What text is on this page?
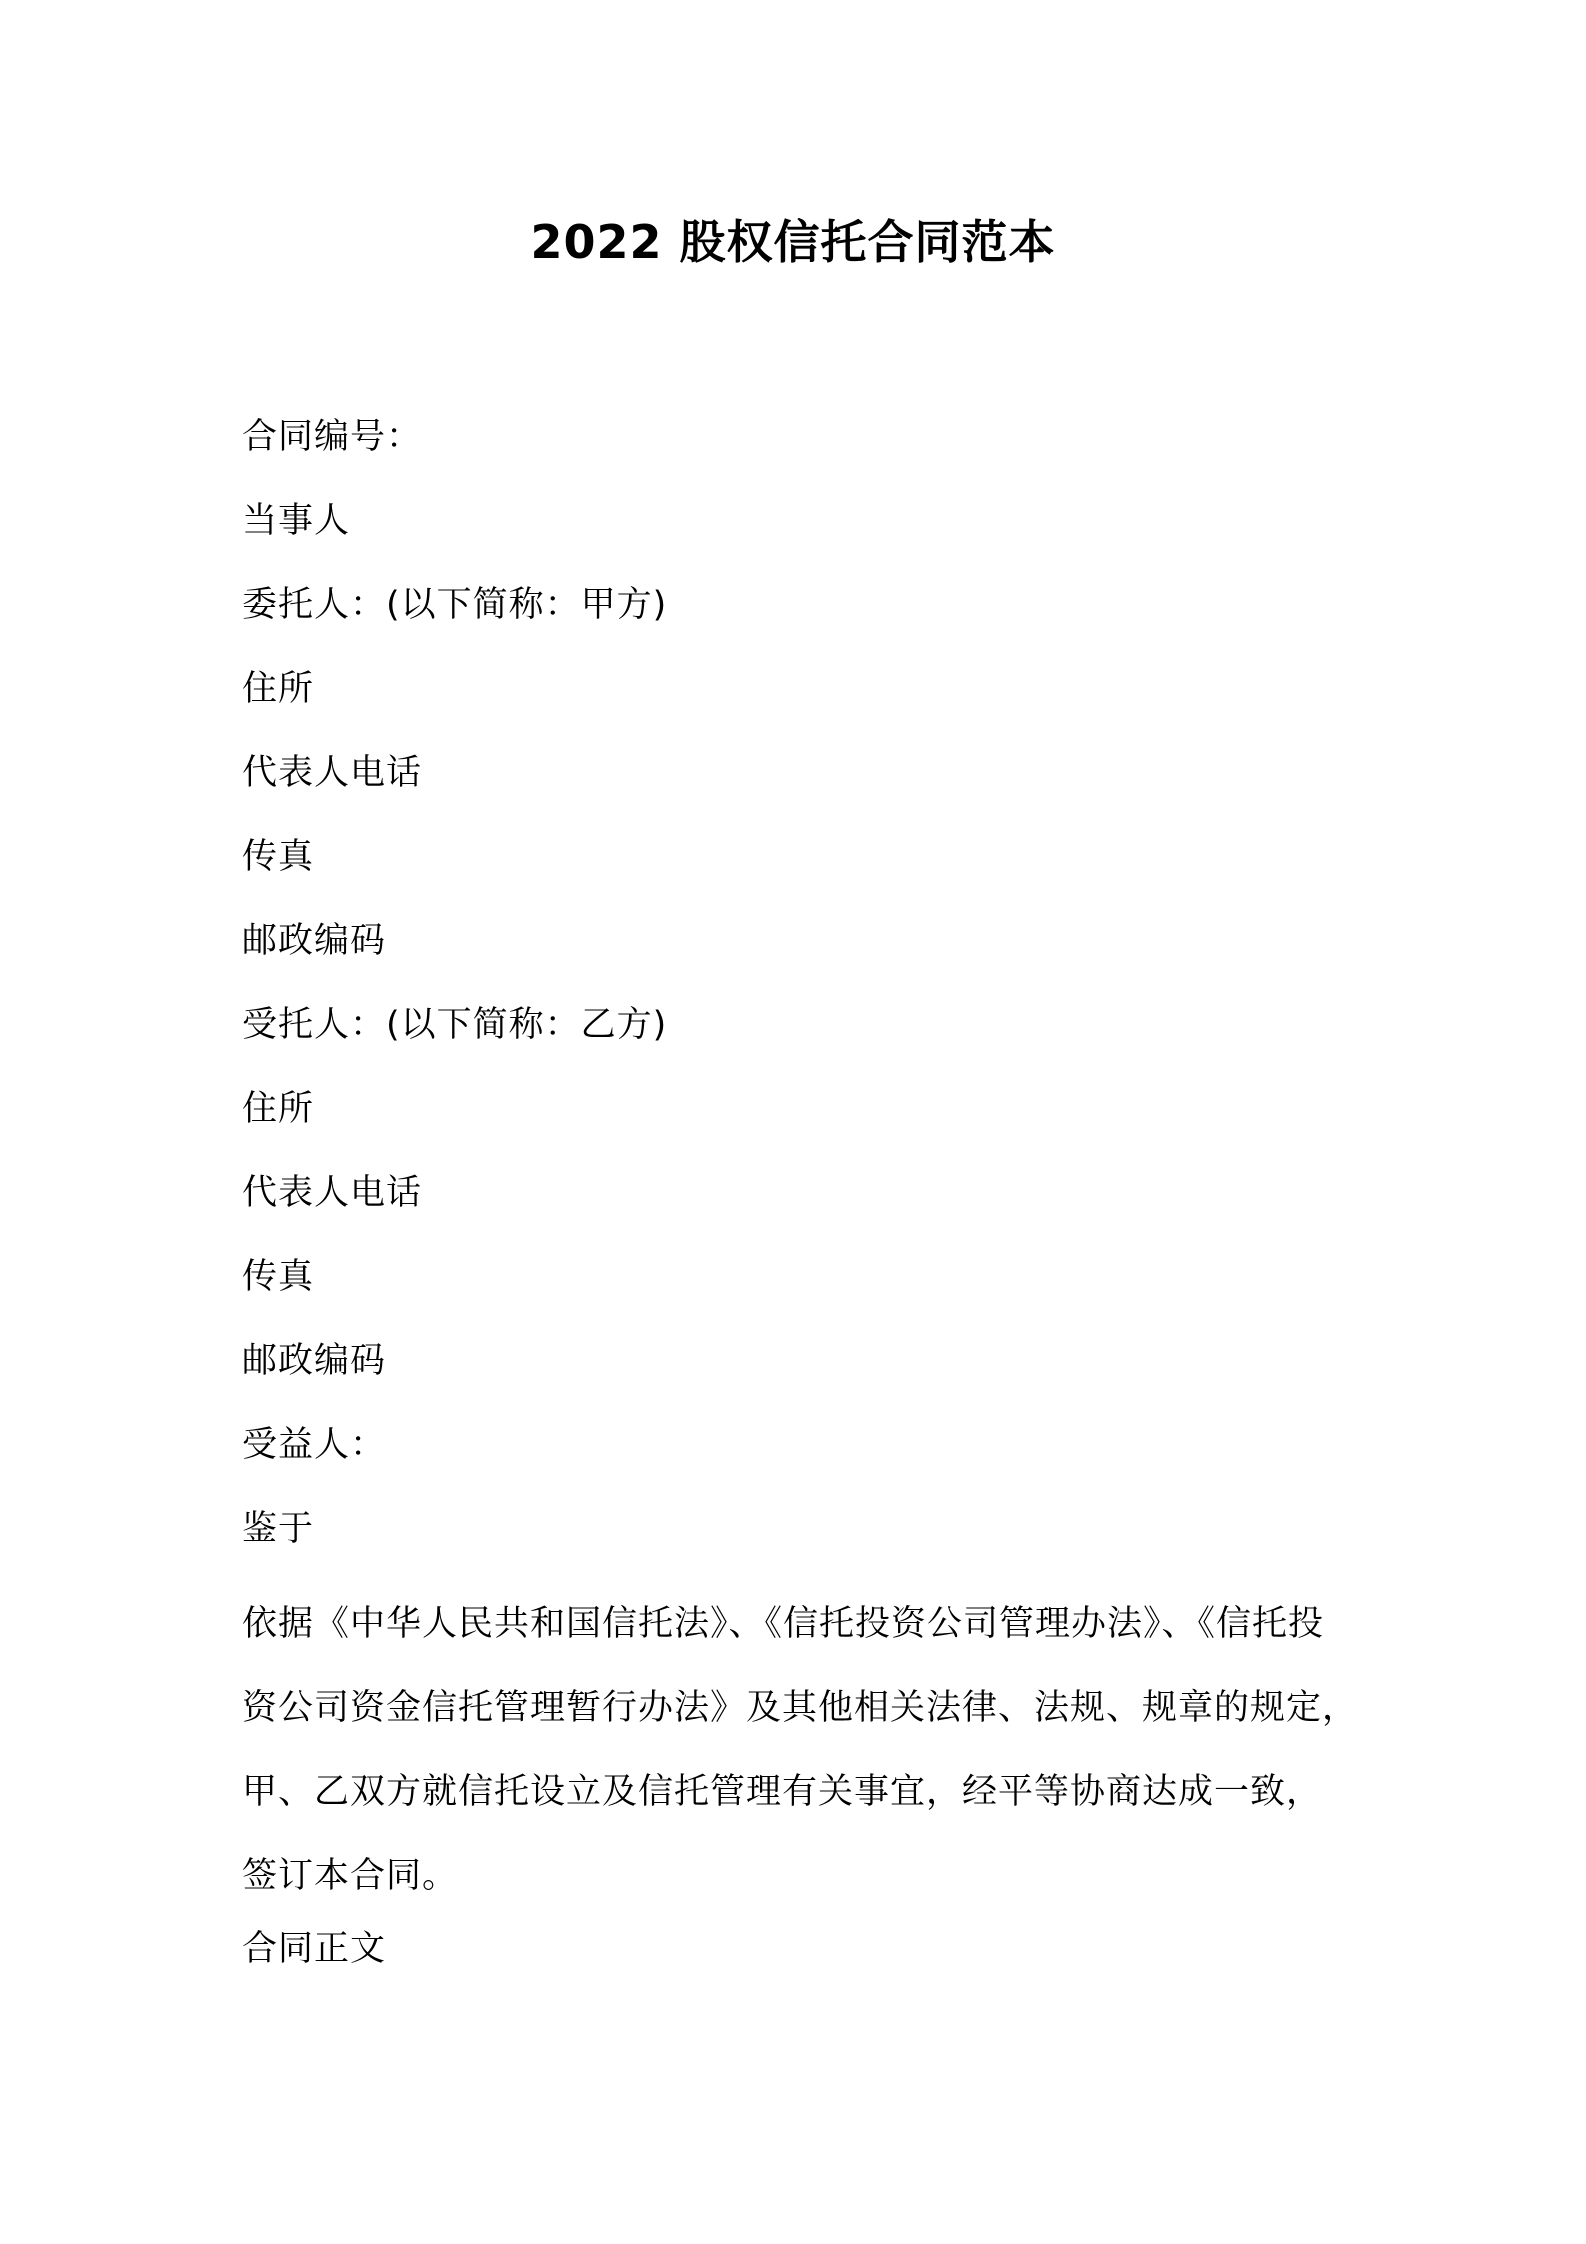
2022 股权信托合同范本
合同编号：
当事人
委托人：(以下简称：甲方)
住所
代表人电话
传真
邮政编码
受托人：(以下简称：乙方)
住所
代表人电话
传真
邮政编码
受益人：
鉴于
依据《中华人民共和国信托法》、《信托投资公司管理办法》、《信托投
资公司资金信托管理暂行办法》及其他相关法律、法规、规章的规定，
甲、乙双方就信托设立及信托管理有关事宜，经平等协商达成一致，
签订本合同。
合同正文
